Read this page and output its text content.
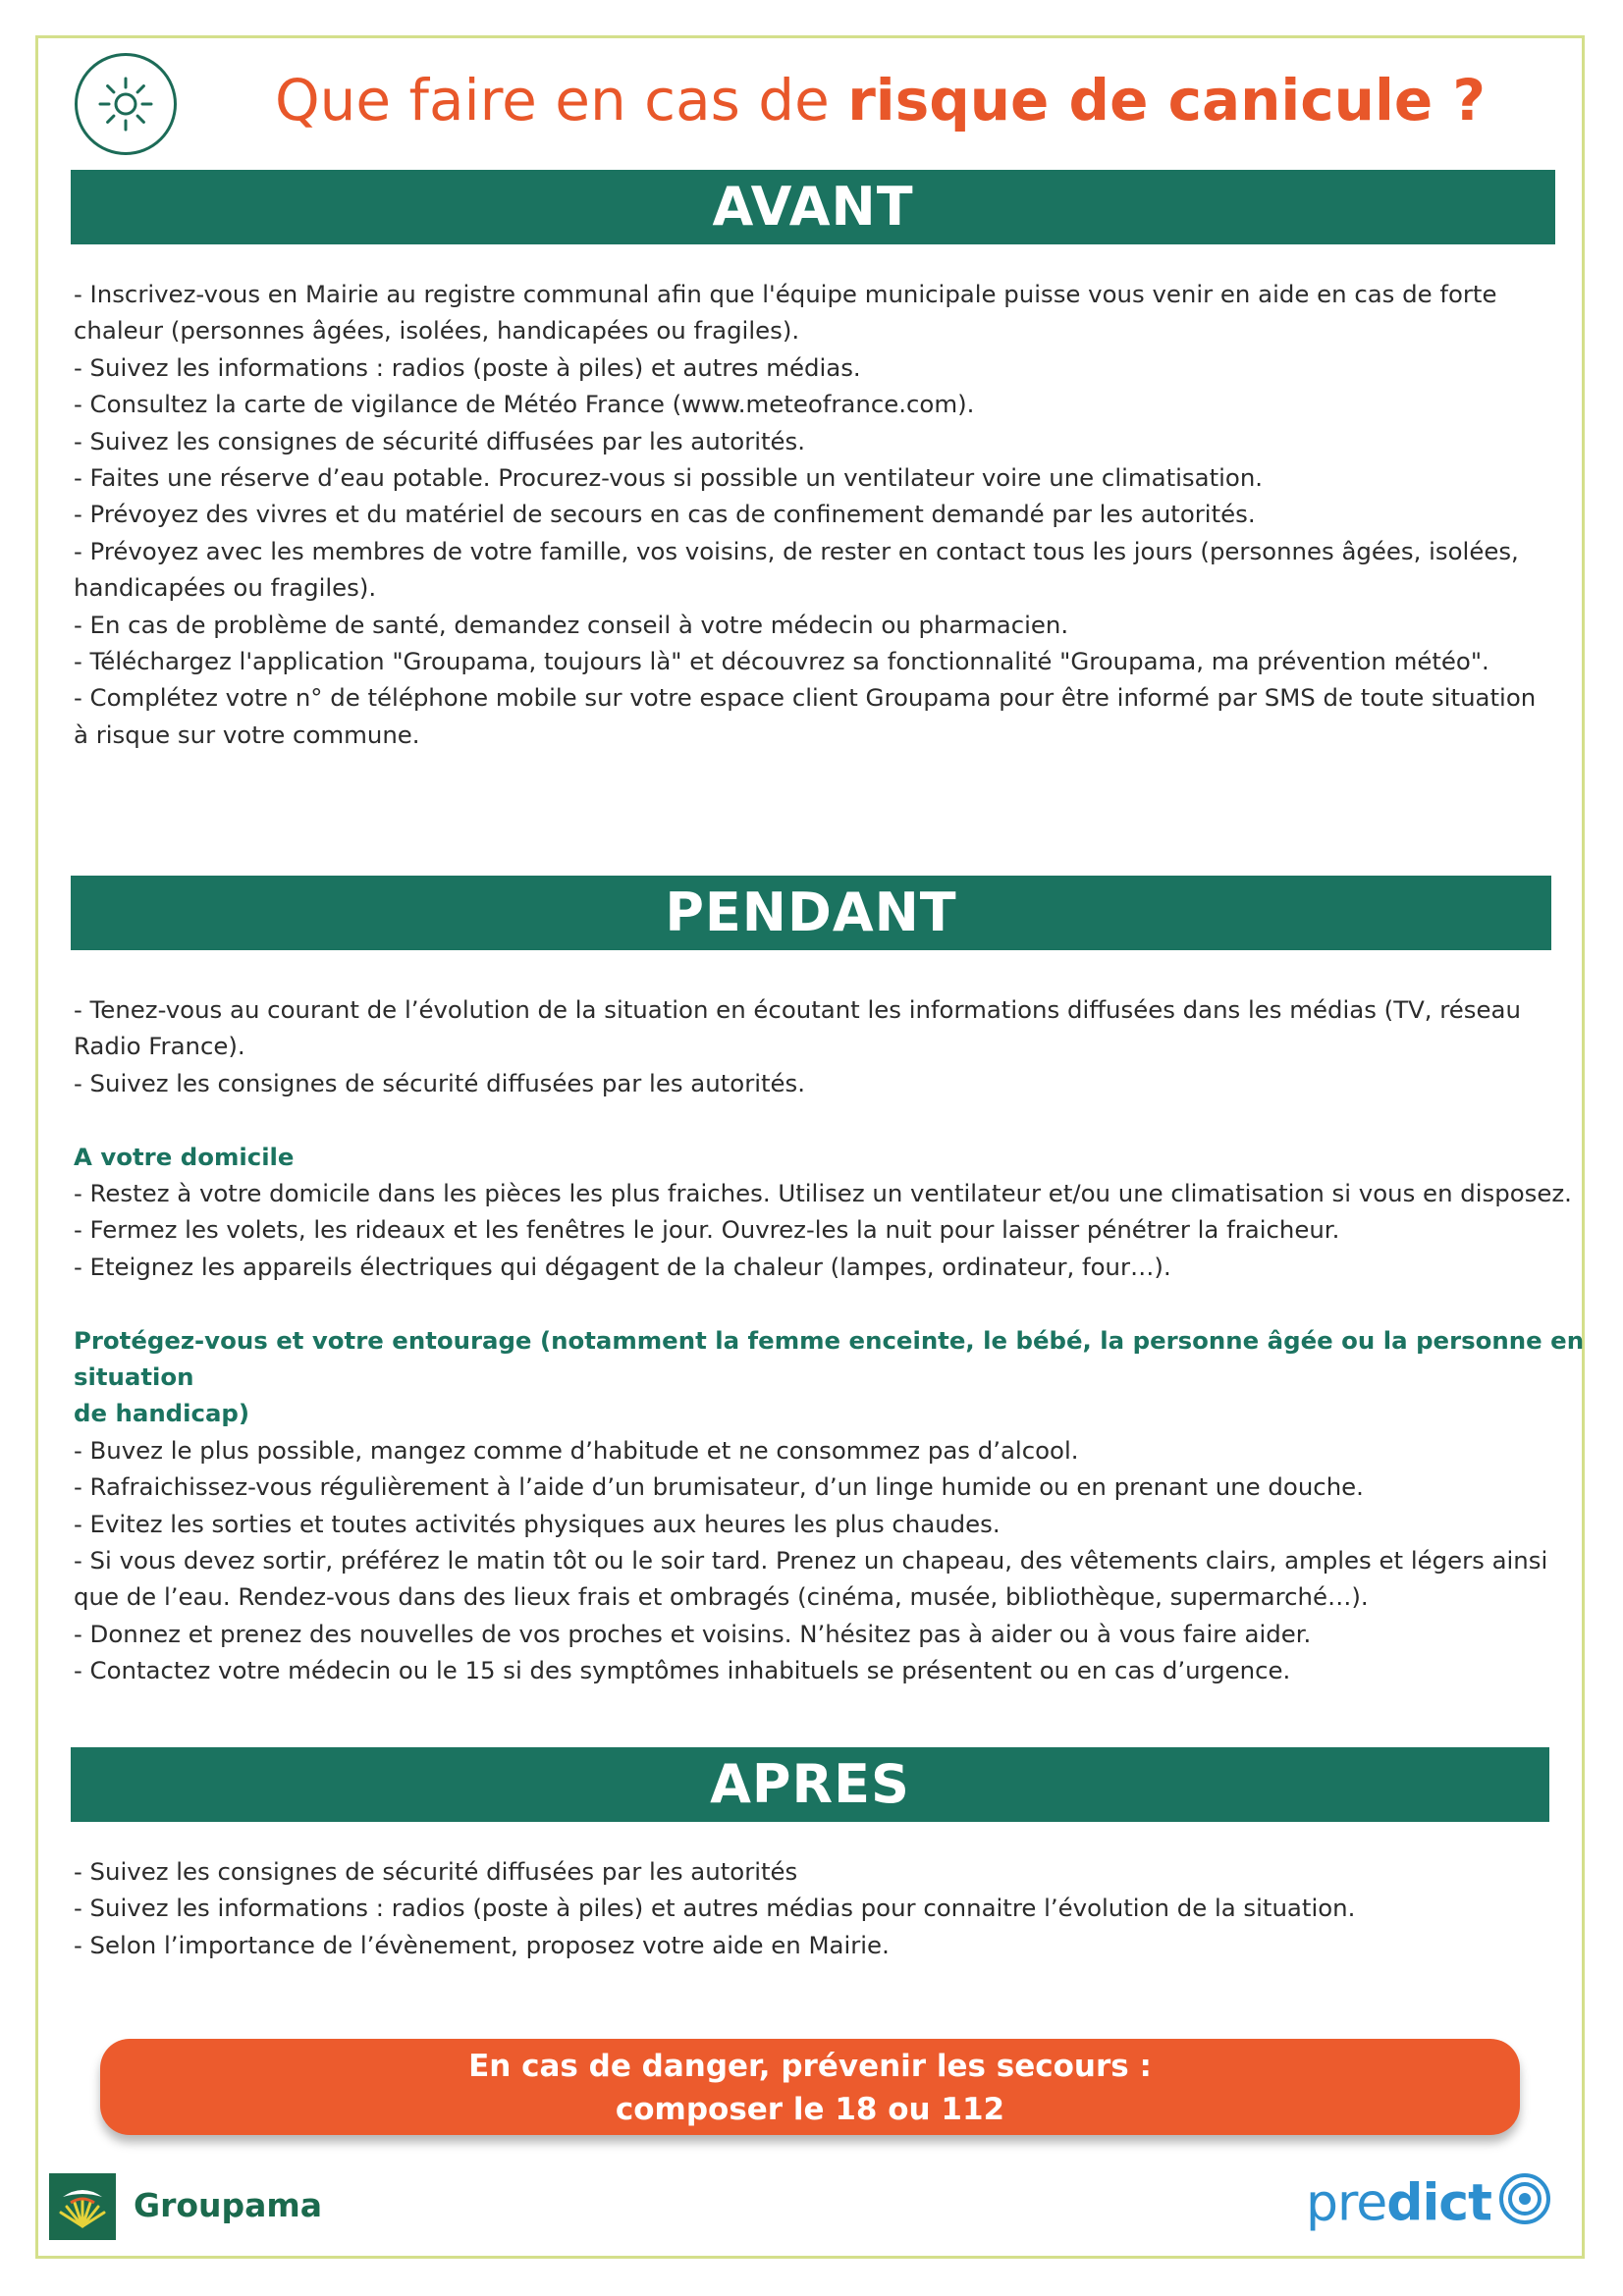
Que faire en cas de risque de canicule ?
AVANT

- Inscrivez-vous en Mairie au registre communal afin que l'équipe municipale puisse vous venir en aide en cas de forte

chaleur (personnes âgées, isolées, handicapées ou fragiles).

- Suivez les informations : radios (poste à piles) et autres médias.

- Consultez la carte de vigilance de Météo France (www.meteofrance.com).

- Suivez les consignes de sécurité diffusées par les autorités.

- Faites une réserve d’eau potable. Procurez-vous si possible un ventilateur voire une climatisation.

- Prévoyez des vivres et du matériel de secours en cas de confinement demandé par les autorités.

- Prévoyez avec les membres de votre famille, vos voisins, de rester en contact tous les jours (personnes âgées, isolées,

handicapées ou fragiles).

- En cas de problème de santé, demandez conseil à votre médecin ou pharmacien.

- Téléchargez l'application "Groupama, toujours là" et découvrez sa fonctionnalité "Groupama, ma prévention météo".

- Complétez votre n° de téléphone mobile sur votre espace client Groupama pour être informé par SMS de toute situation

à risque sur votre commune.

PENDANT

- Tenez-vous au courant de l’évolution de la situation en écoutant les informations diffusées dans les médias (TV, réseau

Radio France).

- Suivez les consignes de sécurité diffusées par les autorités.

A votre domicile

- Restez à votre domicile dans les pièces les plus fraiches. Utilisez un ventilateur et/ou une climatisation si vous en disposez.

- Fermez les volets, les rideaux et les fenêtres le jour. Ouvrez-les la nuit pour laisser pénétrer la fraicheur.

- Eteignez les appareils électriques qui dégagent de la chaleur (lampes, ordinateur, four…).

Protégez-vous et votre entourage (notamment la femme enceinte, le bébé, la personne âgée ou la personne en situation

de handicap)

- Buvez le plus possible, mangez comme d’habitude et ne consommez pas d’alcool.

- Rafraichissez-vous régulièrement à l’aide d’un brumisateur, d’un linge humide ou en prenant une douche.

- Evitez les sorties et toutes activités physiques aux heures les plus chaudes.

- Si vous devez sortir, préférez le matin tôt ou le soir tard. Prenez un chapeau, des vêtements clairs, amples et légers ainsi

que de l’eau. Rendez-vous dans des lieux frais et ombragés (cinéma, musée, bibliothèque, supermarché…).

- Donnez et prenez des nouvelles de vos proches et voisins. N’hésitez pas à aider ou à vous faire aider.

- Contactez votre médecin ou le 15 si des symptômes inhabituels se présentent ou en cas d’urgence.

APRES

- Suivez les consignes de sécurité diffusées par les autorités

- Suivez les informations : radios (poste à piles) et autres médias pour connaitre l’évolution de la situation.

- Selon l’importance de l’évènement, proposez votre aide en Mairie.

En cas de danger, prévenir les secours :
composer le 18 ou 112
Groupama	predict
